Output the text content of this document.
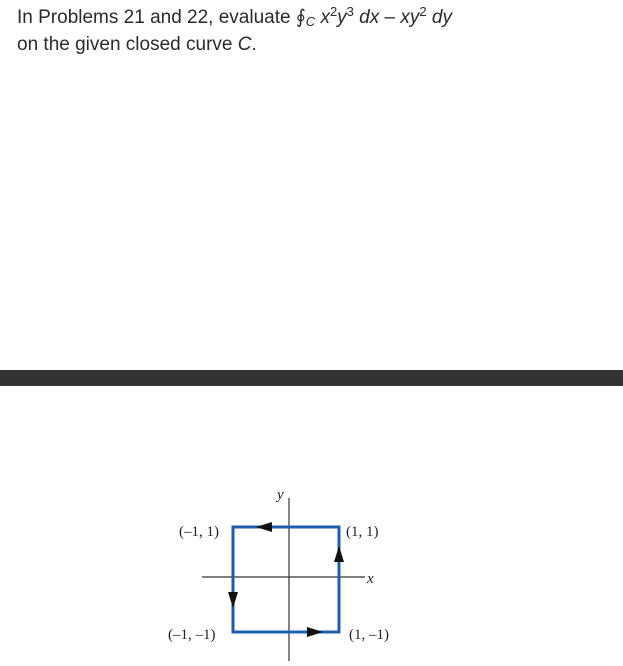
In Problems 21 and 22, evaluate $∮_C$ $x^2y^3$ dx – $xy^2$ dy
on the given closed curve C.
x
y
(–1, 1)	(1, 1)
(–1, –1)	(1, –1)
